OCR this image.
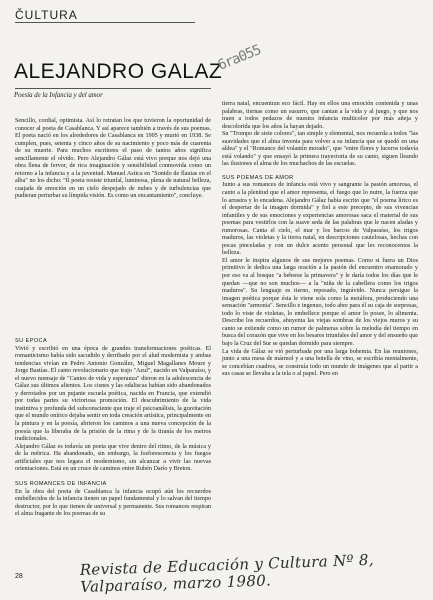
ČULTURA
ALEJANDRO GALAZ
Poesía de la Infancia y del amor
6ra055

Sencillo, cordial, optimista. Así lo retratan los que tuvieron la oportunidad de conocer al poeta de Casablanca. Y así aparece también a través de sus poemas. El poeta nació en los alrededores de Casablanca en 1905 y murió en 1938. Se cumplen, pues, setenta y cinco años de su nacimiento y poco más de cuarenta de su muerte. Para muchos escritores el paso de tantos años significa sencillamente el olvido. Pero Alejandro Gálaz está vivo porque nos dejó una obra llena de fervor, de rica imaginación y sensibilidad conmovida como un retorno a la infancia y a la juventud. Manuel Astica en "Sonido de flautas en el alba" no los dicho: "Il poeta resiste triunfal, luminosa, plena de natural belleza, cuajada de emoción en un cielo despejado de nubes y de turbulencias que pudieran perturbar su límpida visión. Es como un encantamiento", concluye.

SU EPOCA

Vivió y escribió en una época de grandes transformaciones poéticas. El romanticismo había sido sacudido y derribado por el alud modernista y ambas tendencias vivían en Pedro Antonio González, Miguel Magallanes Moure y Jorge Bastías. El canto revolucionario que trajo "Azul", nacido en Valparaíso, y el nuevo mensaje de "Cantos de vida y esperanza" dieron en la adolescencia de Gálaz sus últimos alientos. Los cisnes y las odaliscas habían sido abandonados y derrotados por un pujante escuela poética, nacida en Francia, que extendió por todas partes su victoriosa promoción. El descubrimiento de la vida instintiva y profunda del subconsciente que traje el psicoanálisis, la gravitación que el mundo onírico dejaba sentir en toda creación artística, principalmente en la pintura y en la poesía, abrieron los caminos a una nueva concepción de la poesía que la liberaba de la prisión de la rima y de la tiranía de los metros tradicionales.

Alejandro Gálaz es todavía un poeta que vive dentro del ritmo, de la música y de la métrica. Ha abandonado, sin embargo, la fosforescencia y los fuegos artificiales que nos legara el modernismo, sin alcanzar a vivir las nuevas orientaciones. Está en un cruce de caminos entre Rubén Darío y Breton.

SUS ROMANCES DE INFANCIA

En la obra del poeta de Casablanca la infancia ocupó aún los recuerdos embellecidos de la infancia tienen un papel fundamental y lo salvan del tiempo destructor, por lo que tienen de universal y permanente. Sus romances respiran el alma fragante de los poemas de su

tierra natal, encuentran eco fácil. Hay en ellos una emoción contenida y unas palabras, tiernas como un susurro, que cantan a la vida y al juego, y que nos traen a todos pedazos de nuestra infancia multicolor por más añeja y descolorida que los años la hayan dejado.

Su "Trompo de siete colores", tan simple y elemental, nos recuerda a todos "las suavidades que el alma inventa para volver a su infancia que se quedó en una aldea" y el "Romance del volantín morado", que "entre flores y luceros todavía está volando" y que ensayó la primera trayectoria de su canto, siguen lleando las ilusiones el alma de los muchachos de las escuelas.

SUS POEMAS DE AMOR

Junto a sus romances de infancia está vivo y sangrante la pasión amorosa, el canto a la plenitud que el amor representa, el fuego que lo nutre, la fuerza que lo arrastra y lo encadena. Alejandro Gálaz había escrito que "el poema lírico es el despertar de la imagen dormida" y fiel a este precepto, de sus vivencias infantiles y de sus emociones y experiencias amorosas saca el material de sus poemas para vestirlos con la suave seda de las palabras que le nacen aladas y rumorosas. Canta el cielo, el mar y los barcos de Valparaíso, los trigos maduros, las violetas y la tierra natal, en descripciones cautelosas, hechas con pocas pinceladas y con un dulce acento personal que les reconocemos la belleza.

El amor le inspira algunos de sus mejores poemas. Como si fuera un Dios primitivo le dedica una larga oración a la pasión del encuentro enamorado y por eso va al bosque "a beberse la primavera" y le daría todos los días que le quedan —que no son muchos— a la "niña de la cabellera como los trigos maduros". Su lenguaje es tierno, reposado, ingrávido. Nunca persigue la imagen poética porque ésta le viene sola como la metáfora, produciendo una sensación "armonía". Sencillo e ingenuo, todo abre para él su caja de sorpresas, todo lo viste de violetas, lo embellece porque el amor lo posee, lo alimenta. Describe los recuerdos, ahuyenta las viejas sombras de los viejos muros y su canto se extiende como un rumor de palmeras sobre la melodía del tiempo en busca del corazón que vive en los besares triunfales del amor y del ensueño que bajo la Cruz del Sur se quedan dormido para siempre.

La vida de Gálaz se vió perturbada por una larga bohemia. En las reuniones, junto a una mesa de mármol y a una botella de vino, se escribía mentalmente, se concebían cuadros, se construía todo un mundo de imágenes que al partir a sus casas se llevaba a la tela o al papel. Pero en

28	Revista de Educación y Cultura Nº 8, Valparaíso, marzo 1980.
